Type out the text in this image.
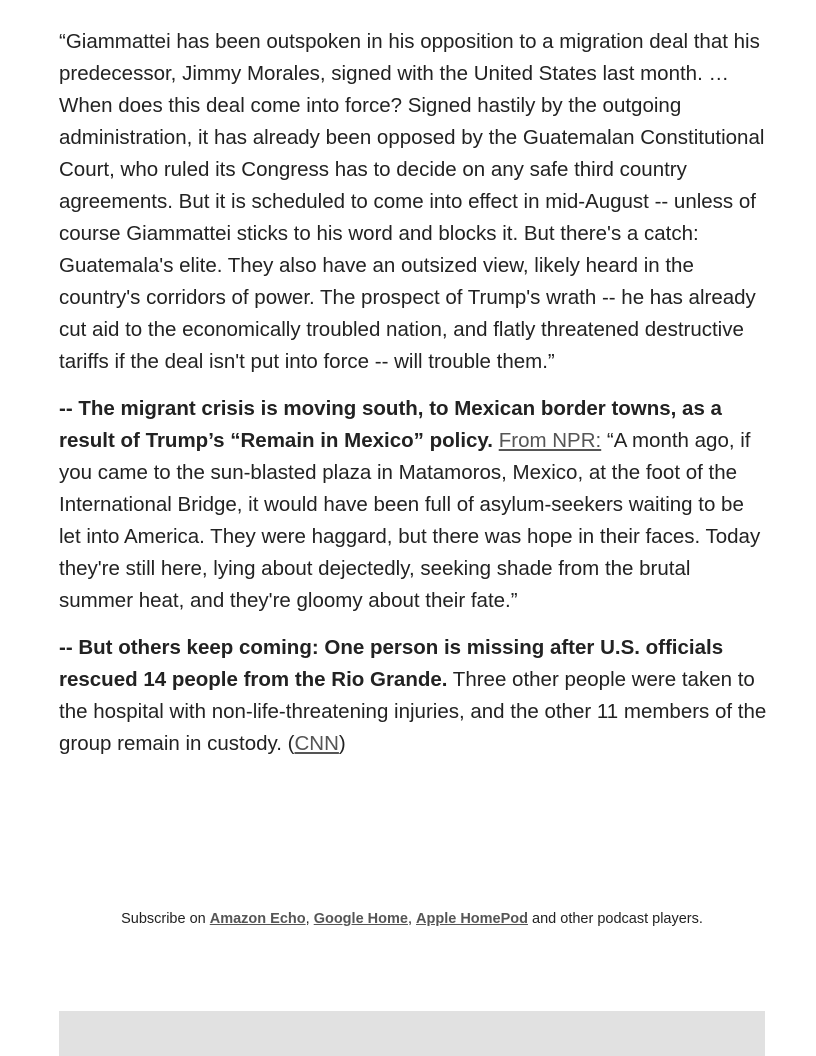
“Giammattei has been outspoken in his opposition to a migration deal that his predecessor, Jimmy Morales, signed with the United States last month. … When does this deal come into force? Signed hastily by the outgoing administration, it has already been opposed by the Guatemalan Constitutional Court, who ruled its Congress has to decide on any safe third country agreements. But it is scheduled to come into effect in mid-August -- unless of course Giammattei sticks to his word and blocks it. But there's a catch: Guatemala's elite. They also have an outsized view, likely heard in the country's corridors of power. The prospect of Trump's wrath -- he has already cut aid to the economically troubled nation, and flatly threatened destructive tariffs if the deal isn't put into force -- will trouble them.”

-- The migrant crisis is moving south, to Mexican border towns, as a result of Trump’s “Remain in Mexico” policy. From NPR: “A month ago, if you came to the sun-blasted plaza in Matamoros, Mexico, at the foot of the International Bridge, it would have been full of asylum-seekers waiting to be let into America. They were haggard, but there was hope in their faces. Today they're still here, lying about dejectedly, seeking shade from the brutal summer heat, and they're gloomy about their fate.”

-- But others keep coming: One person is missing after U.S. officials rescued 14 people from the Rio Grande. Three other people were taken to the hospital with non-life-threatening injuries, and the other 11 members of the group remain in custody. (CNN)

Subscribe on Amazon Echo, Google Home, Apple HomePod and other podcast players.
